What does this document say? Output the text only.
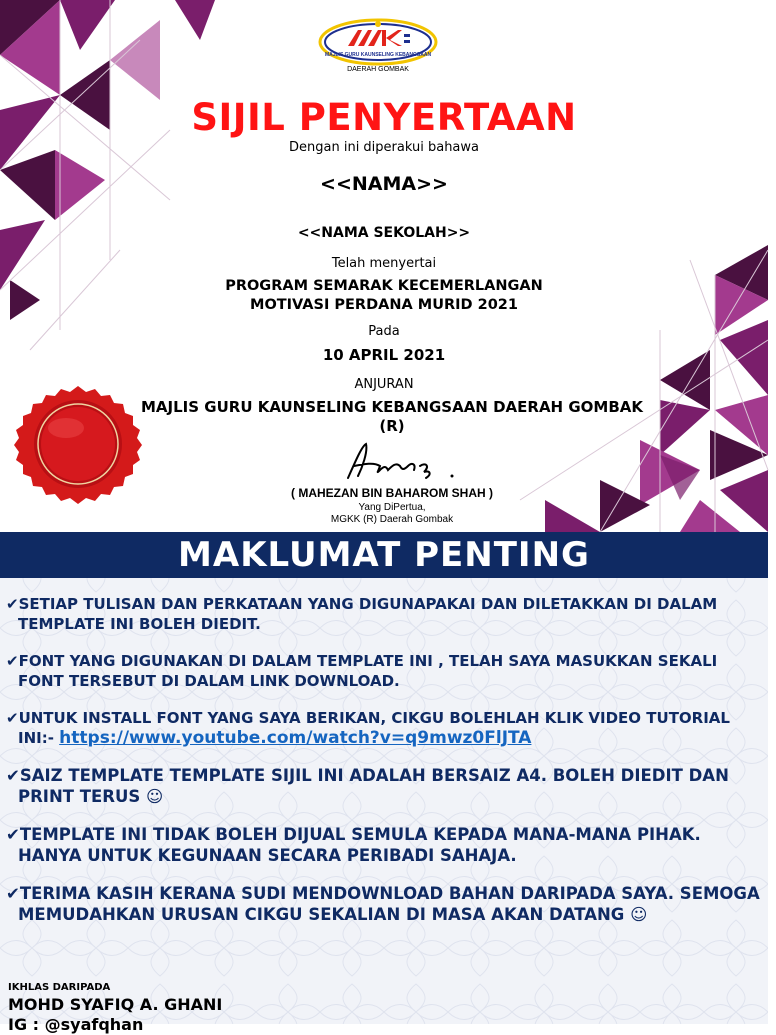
MAJLIS GURU KAUNSELING KEBANGSAAN
DAERAH GOMBAK
SIJIL PENYERTAAN
Dengan ini diperakui bahawa
<<NAMA>>
<<NAMA SEKOLAH>>
Telah menyertai
PROGRAM SEMARAK KECEMERLANGAN
MOTIVASI PERDANA MURID 2021
Pada
10 APRIL 2021
ANJURAN
MAJLIS GURU KAUNSELING KEBANGSAAN DAERAH GOMBAK
(R)
( MAHEZAN BIN BAHAROM SHAH )
Yang DiPertua,
MGKK (R) Daerah Gombak
MAKLUMAT PENTING

✔SETIAP TULISAN DAN PERKATAAN YANG DIGUNAPAKAI DAN DILETAKKAN DI DALAM TEMPLATE INI BOLEH DIEDIT.

✔FONT YANG DIGUNAKAN DI DALAM TEMPLATE INI , TELAH SAYA MASUKKAN SEKALI FONT TERSEBUT DI DALAM LINK DOWNLOAD.

✔UNTUK INSTALL FONT YANG SAYA BERIKAN, CIKGU BOLEHLAH KLIK VIDEO TUTORIAL INI:- https://www.youtube.com/watch?v=q9mwz0FlJTA

✔SAIZ TEMPLATE TEMPLATE SIJIL INI ADALAH BERSAIZ A4. BOLEH DIEDIT DAN PRINT TERUS ☺

✔TEMPLATE INI TIDAK BOLEH DIJUAL SEMULA KEPADA MANA-MANA PIHAK. HANYA UNTUK KEGUNAAN SECARA PERIBADI SAHAJA.

✔TERIMA KASIH KERANA SUDI MENDOWNLOAD BAHAN DARIPADA SAYA. SEMOGA MEMUDAHKAN URUSAN CIKGU SEKALIAN DI MASA AKAN DATANG ☺

IKHLAS DARIPADA
MOHD SYAFIQ A. GHANI
IG : @syafqhan
